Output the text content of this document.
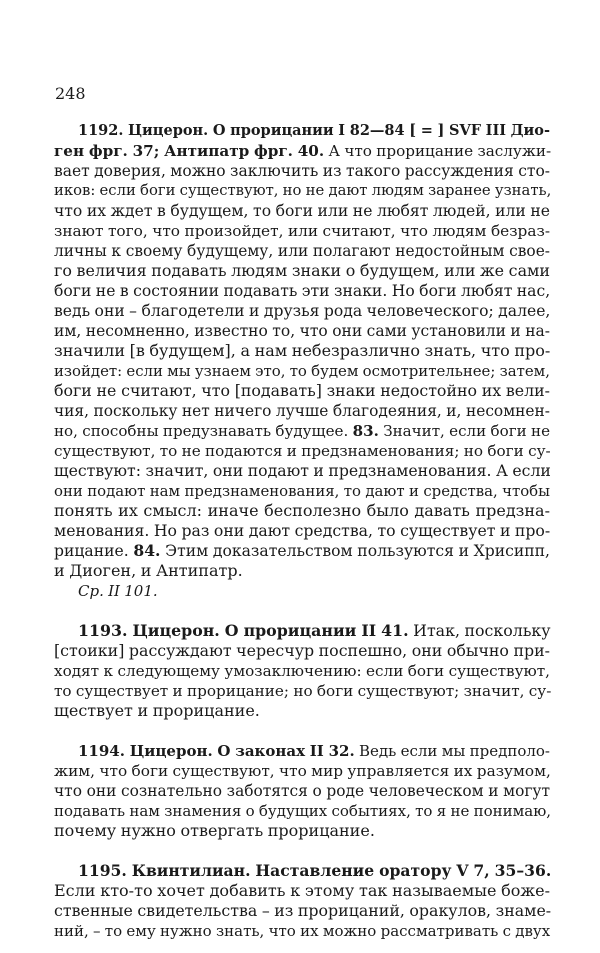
248
1192. Цицерон. О прорицании I 82—84 [ = ] SVF III Дио-
ген фрг. 37; Антипатр фрг. 40. А что прорицание заслужи-
вает доверия, можно заключить из такого рассуждения сто-
иков: если боги существуют, но не дают людям заранее узнать,
что их ждет в будущем, то боги или не любят людей, или не
знают того, что произойдет, или считают, что людям безраз-
личны к своему будущему, или полагают недостойным свое-
го величия подавать людям знаки о будущем, или же сами
боги не в состоянии подавать эти знаки. Но боги любят нас,
ведь они – благодетели и друзья рода человеческого; далее,
им, несомненно, известно то, что они сами установили и на-
значили [в будущем], а нам небезразлично знать, что про-
изойдет: если мы узнаем это, то будем осмотрительнее; затем,
боги не считают, что [подавать] знаки недостойно их вели-
чия, поскольку нет ничего лучше благодеяния, и, несомнен-
но, способны предузнавать будущее. 83. Значит, если боги не
существуют, то не подаются и предзнаменования; но боги су-
ществуют: значит, они подают и предзнаменования. А если
они подают нам предзнаменования, то дают и средства, чтобы
понять их смысл: иначе бесполезно было давать предзна-
менования. Но раз они дают средства, то существует и про-
рицание. 84. Этим доказательством пользуются и Хрисипп,
и Диоген, и Антипатр.
Ср. II 101.
1193. Цицерон. О прорицании II 41. Итак, поскольку
[стоики] рассуждают чересчур поспешно, они обычно при-
ходят к следующему умозаключению: если боги существуют,
то существует и прорицание; но боги существуют; значит, су-
ществует и прорицание.
1194. Цицерон. О законах II 32. Ведь если мы предполо-
жим, что боги существуют, что мир управляется их разумом,
что они сознательно заботятся о роде человеческом и могут
подавать нам знамения о будущих событиях, то я не понимаю,
почему нужно отвергать прорицание.
1195. Квинтилиан. Наставление оратору V 7, 35–36.
Если кто-то хочет добавить к этому так называемые боже-
ственные свидетельства – из прорицаний, оракулов, знаме-
ний, – то ему нужно знать, что их можно рассматривать с двух
